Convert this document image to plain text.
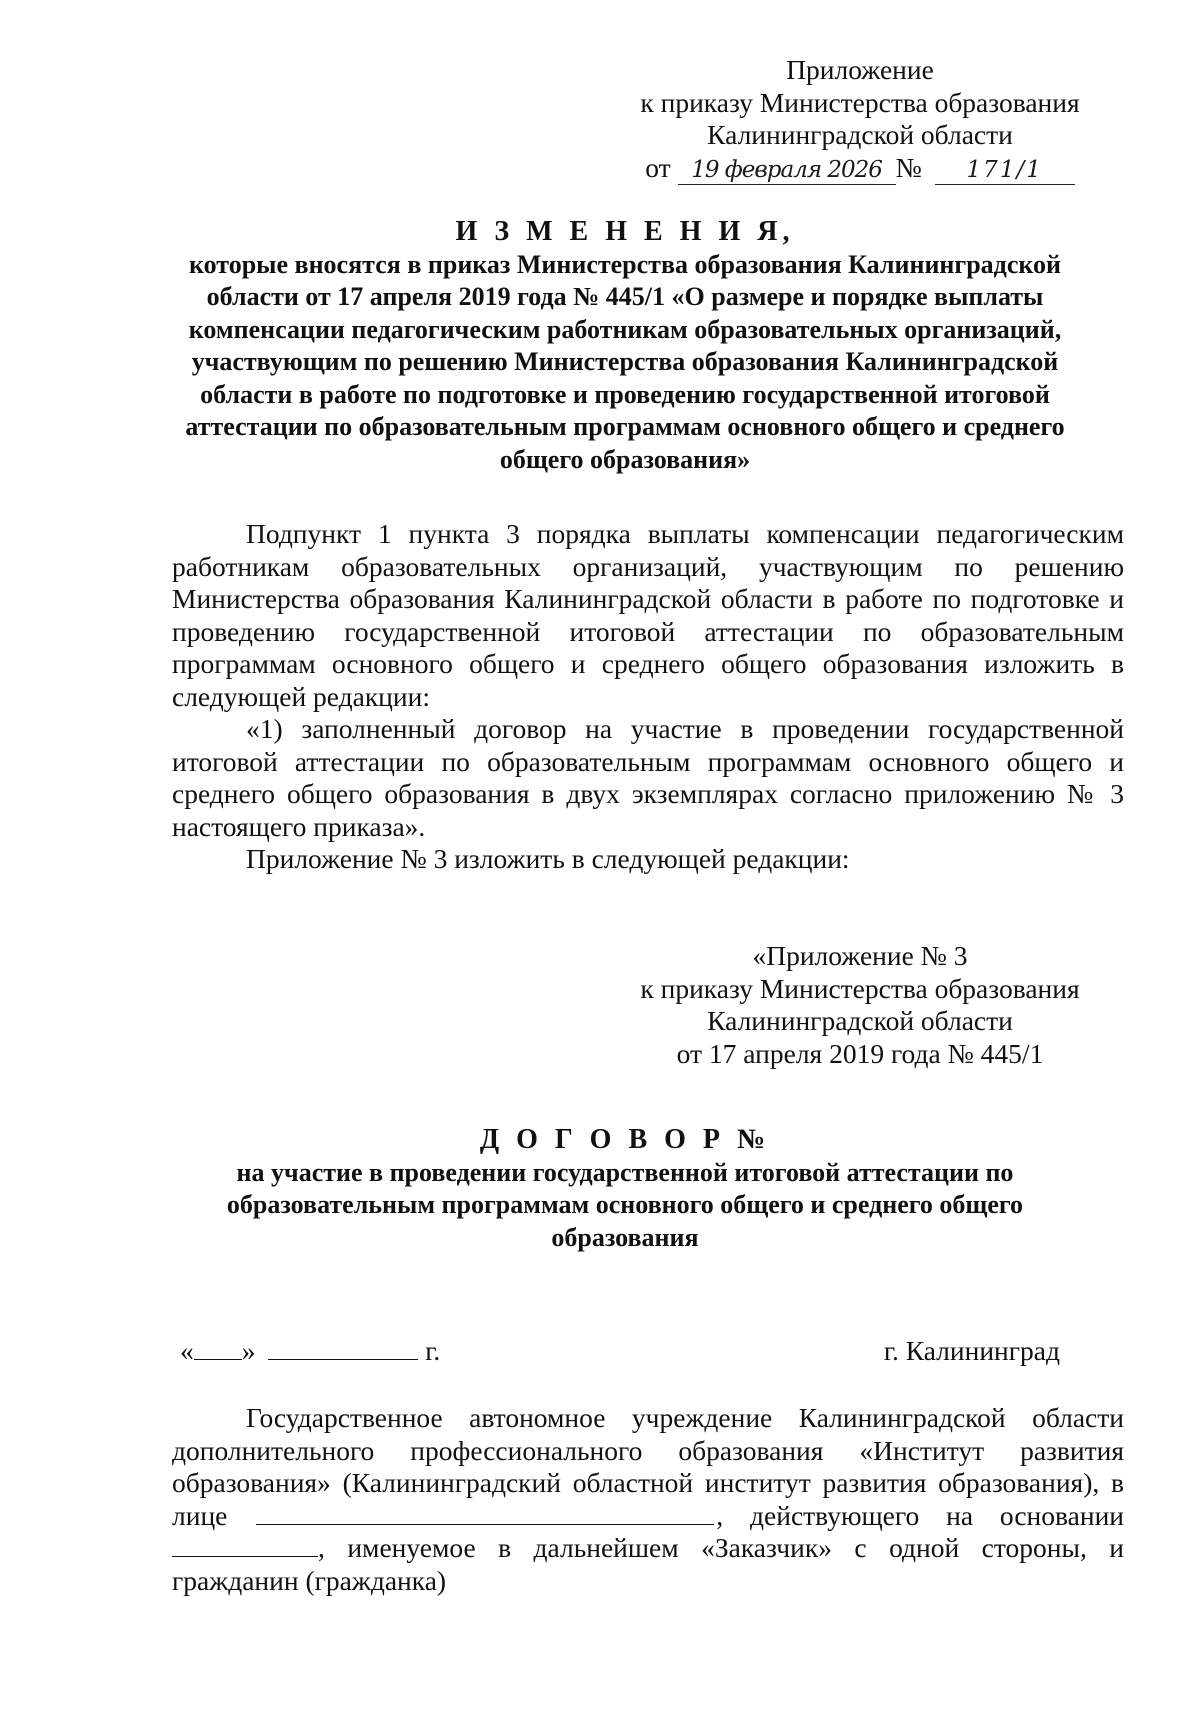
Приложение
к приказу Министерства образования
Калининградской области
от 19 февраля 2026 № 171/1
И З М Е Н Е Н И Я,
которые вносятся в приказ Министерства образования Калининградской области от 17 апреля 2019 года № 445/1 «О размере и порядке выплаты компенсации педагогическим работникам образовательных организаций, участвующим по решению Министерства образования Калининградской области в работе по подготовке и проведению государственной итоговой аттестации по образовательным программам основного общего и среднего общего образования»

Подпункт 1 пункта 3 порядка выплаты компенсации педагогическим работникам образовательных организаций, участвующим по решению Министерства образования Калининградской области в работе по подготовке и проведению государственной итоговой аттестации по образовательным программам основного общего и среднего общего образования изложить в следующей редакции:

«1) заполненный договор на участие в проведении государственной итоговой аттестации по образовательным программам основного общего и среднего общего образования в двух экземплярах согласно приложению № 3 настоящего приказа».

Приложение № 3 изложить в следующей редакции:

«Приложение № 3
к приказу Министерства образования
Калининградской области
от 17 апреля 2019 года № 445/1
Д О Г О В О Р №
на участие в проведении государственной итоговой аттестации по образовательным программам основного общего и среднего общего образования
« »	г.	г. Калининград

Государственное автономное учреждение Калининградской области дополнительного профессионального образования «Институт развития образования» (Калининградский областной институт развития образования), в лице	, действующего на основании , именуемое в дальнейшем «Заказчик» с одной стороны, и гражданин (гражданка)
